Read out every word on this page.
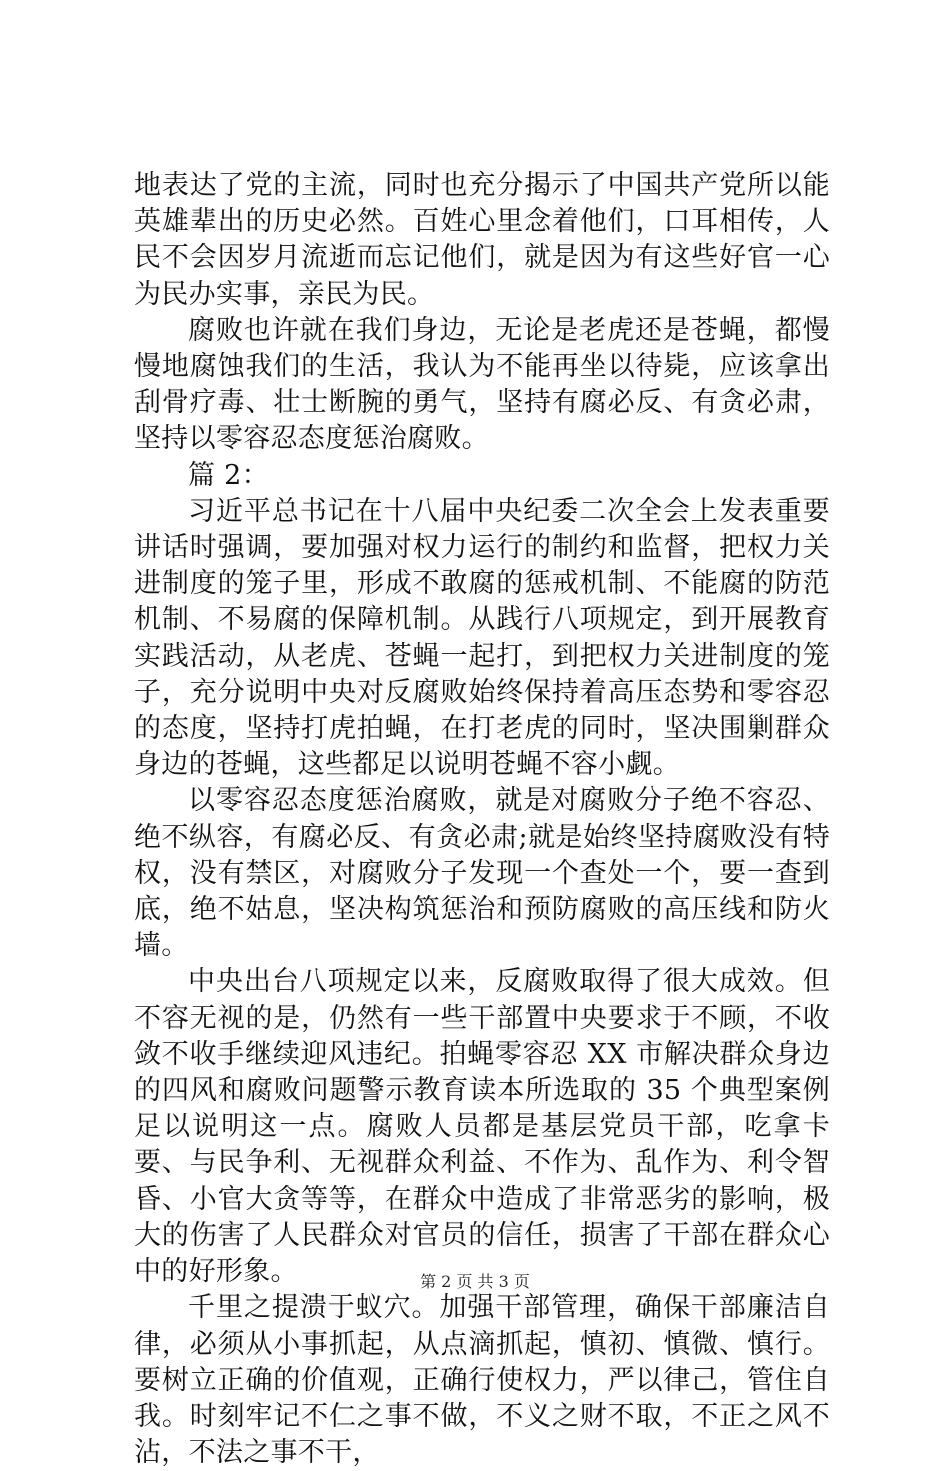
地表达了党的主流，同时也充分揭示了中国共产党所以能英雄辈出的历史必然。百姓心里念着他们，口耳相传，人民不会因岁月流逝而忘记他们，就是因为有这些好官一心为民办实事，亲民为民。

腐败也许就在我们身边，无论是老虎还是苍蝇，都慢慢地腐蚀我们的生活，我认为不能再坐以待毙，应该拿出刮骨疗毒、壮士断腕的勇气，坚持有腐必反、有贪必肃，坚持以零容忍态度惩治腐败。

篇 2：

习近平总书记在十八届中央纪委二次全会上发表重要讲话时强调，要加强对权力运行的制约和监督，把权力关进制度的笼子里，形成不敢腐的惩戒机制、不能腐的防范机制、不易腐的保障机制。从践行八项规定，到开展教育实践活动，从老虎、苍蝇一起打，到把权力关进制度的笼子，充分说明中央对反腐败始终保持着高压态势和零容忍的态度，坚持打虎拍蝇，在打老虎的同时，坚决围剿群众身边的苍蝇，这些都足以说明苍蝇不容小觑。

以零容忍态度惩治腐败，就是对腐败分子绝不容忍、绝不纵容，有腐必反、有贪必肃;就是始终坚持腐败没有特权，没有禁区，对腐败分子发现一个查处一个，要一查到底，绝不姑息，坚决构筑惩治和预防腐败的高压线和防火墙。

中央出台八项规定以来，反腐败取得了很大成效。但不容无视的是，仍然有一些干部置中央要求于不顾，不收敛不收手继续迎风违纪。拍蝇零容忍 XX 市解决群众身边的四风和腐败问题警示教育读本所选取的 35 个典型案例足以说明这一点。腐败人员都是基层党员干部，吃拿卡要、与民争利、无视群众利益、不作为、乱作为、利令智昏、小官大贪等等，在群众中造成了非常恶劣的影响，极大的伤害了人民群众对官员的信任，损害了干部在群众心中的好形象。

千里之提溃于蚁穴。加强干部管理，确保干部廉洁自律，必须从小事抓起，从点滴抓起，慎初、慎微、慎行。要树立正确的价值观，正确行使权力，严以律己，管住自我。时刻牢记不仁之事不做，不义之财不取，不正之风不沾，不法之事不干，

第 2 页 共 3 页
